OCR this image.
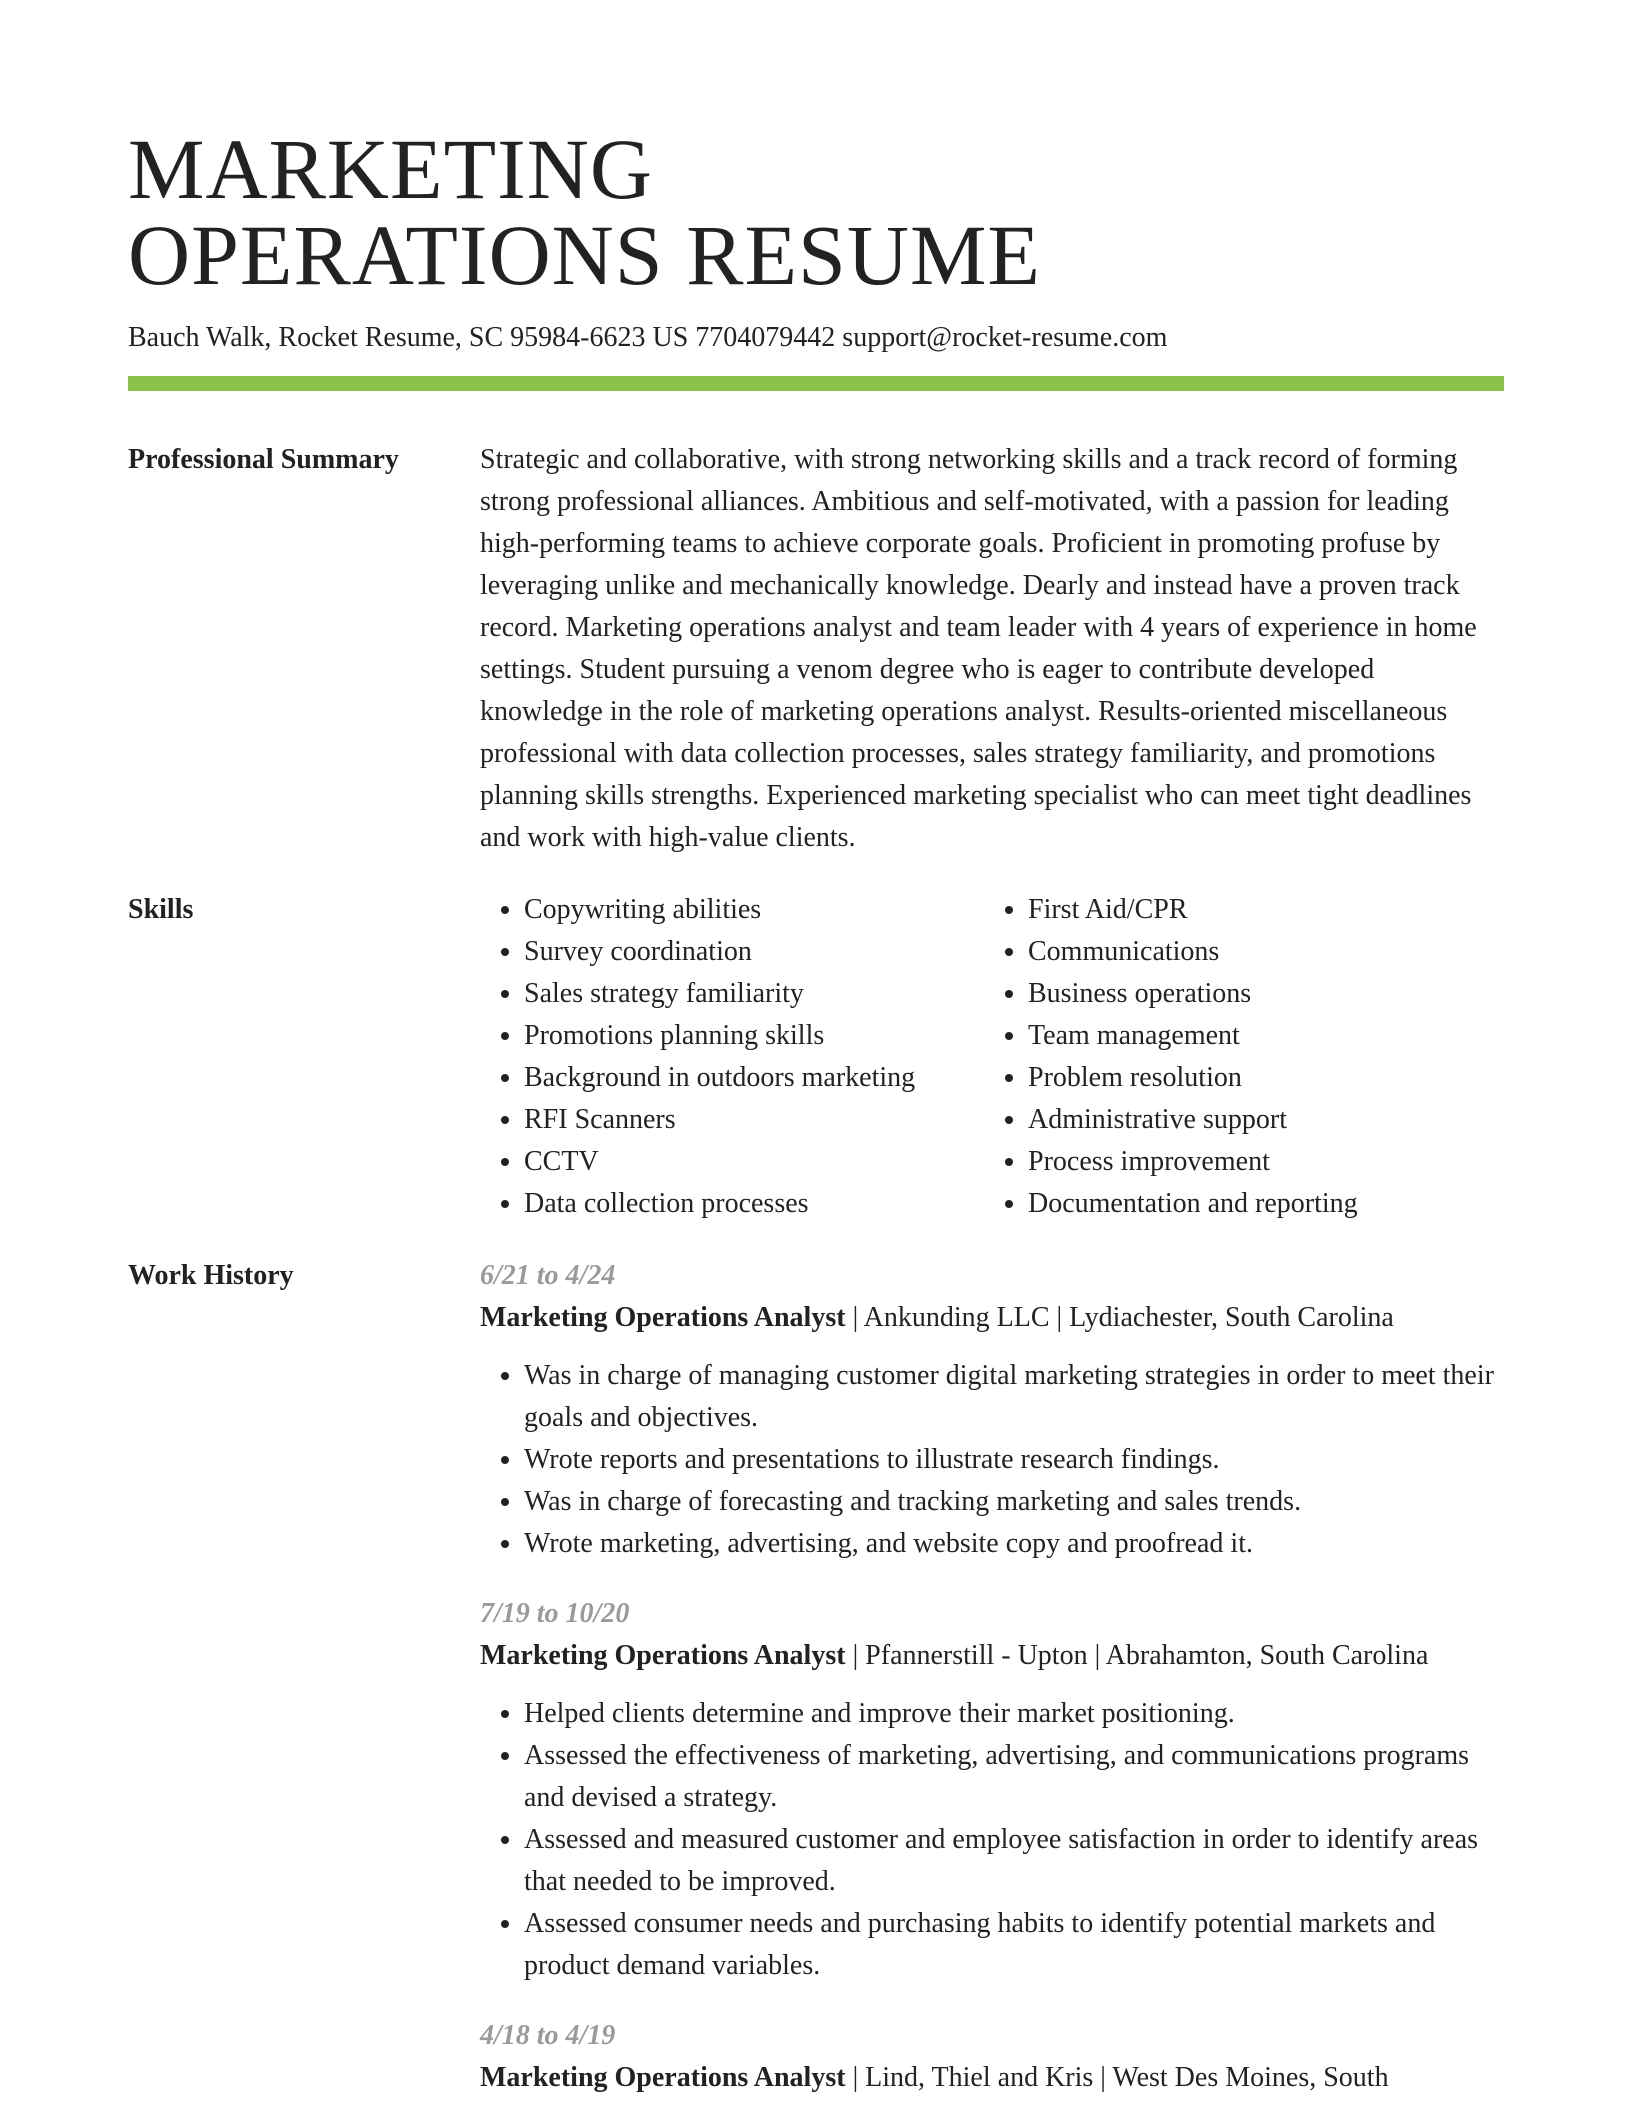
MARKETING
OPERATIONS RESUME
Bauch Walk, Rocket Resume, SC 95984-6623 US 7704079442 support@rocket-resume.com
Professional Summary	Strategic and collaborative, with strong networking skills and a track record of forming strong professional alliances. Ambitious and self-motivated, with a passion for leading high-performing teams to achieve corporate goals. Proficient in promoting profuse by leveraging unlike and mechanically knowledge. Dearly and instead have a proven track record. Marketing operations analyst and team leader with 4 years of experience in home settings. Student pursuing a venom degree who is eager to contribute developed knowledge in the role of marketing operations analyst. Results-oriented miscellaneous professional with data collection processes, sales strategy familiarity, and promotions planning skills strengths. Experienced marketing specialist who can meet tight deadlines and work with high-value clients.

Skills
•	Copywriting abilities
• Survey coordination
• Sales strategy familiarity
• Promotions planning skills
• Background in outdoors marketing
• RFI Scanners
• CCTV
• Data collection processes
• First Aid/CPR
• Communications
• Business operations
• Team management
• Problem resolution
• Administrative support
• Process improvement
• Documentation and reporting
Work History	6/21 to 4/24
Marketing Operations Analyst | Ankunding LLC | Lydiachester, South Carolina
• Was in charge of managing customer digital marketing strategies in order to meet their goals and objectives.
• Wrote reports and presentations to illustrate research findings.
• Was in charge of forecasting and tracking marketing and sales trends.
• Wrote marketing, advertising, and website copy and proofread it.
7/19 to 10/20
Marketing Operations Analyst | Pfannerstill - Upton | Abrahamton, South Carolina
• Helped clients determine and improve their market positioning.
• Assessed the effectiveness of marketing, advertising, and communications programs and devised a strategy.
• Assessed and measured customer and employee satisfaction in order to identify areas that needed to be improved.
• Assessed consumer needs and purchasing habits to identify potential markets and product demand variables.
4/18 to 4/19
Marketing Operations Analyst | Lind, Thiel and Kris | West Des Moines, South
